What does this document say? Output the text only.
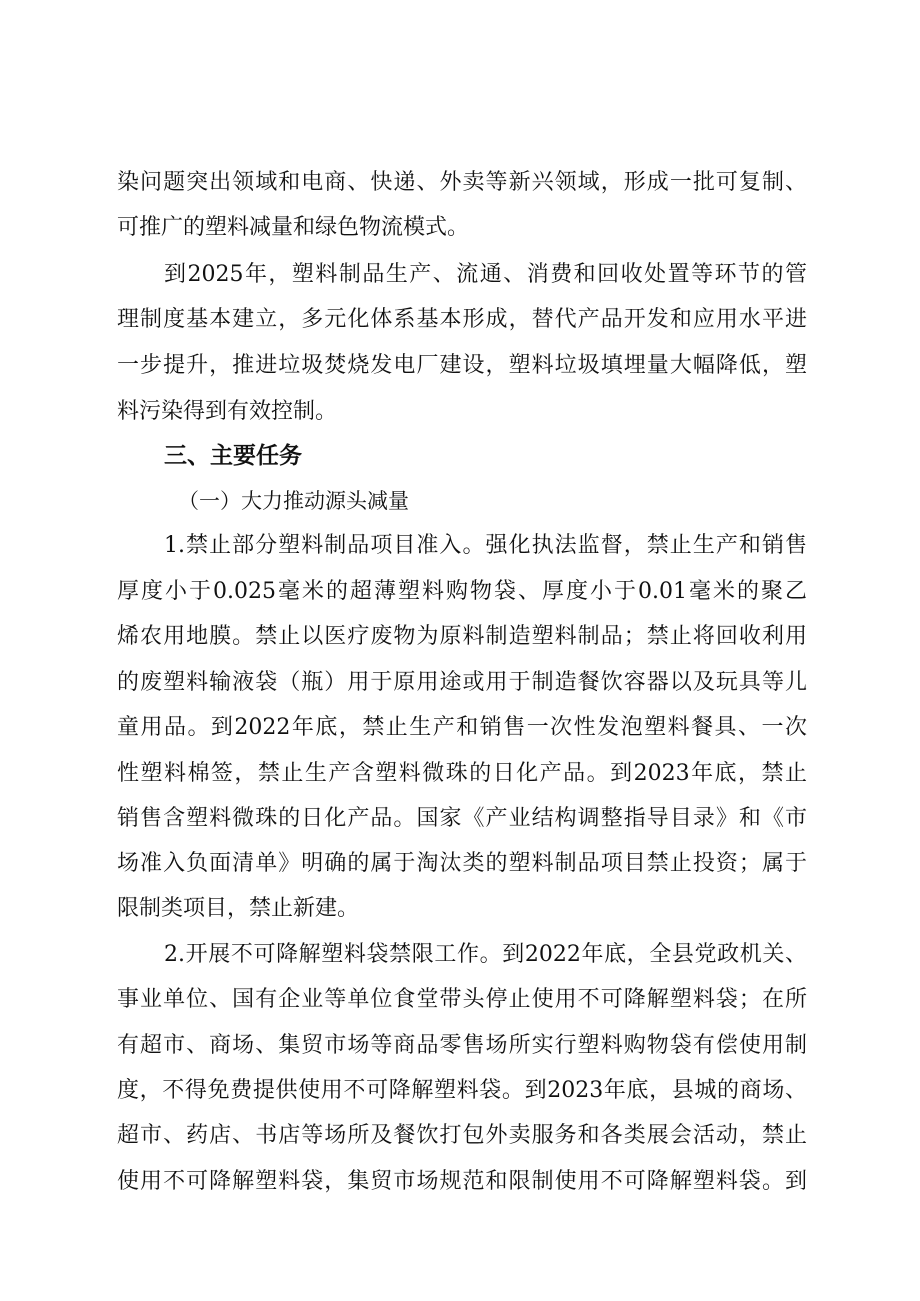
染问题突出领域和电商、快递、外卖等新兴领域，形成一批可复制、
可推广的塑料减量和绿色物流模式。
到2025年，塑料制品生产、流通、消费和回收处置等环节的管
理制度基本建立，多元化体系基本形成，替代产品开发和应用水平进
一步提升，推进垃圾焚烧发电厂建设，塑料垃圾填埋量大幅降低，塑
料污染得到有效控制。
三、主要任务
（一）大力推动源头减量
1.禁止部分塑料制品项目准入。强化执法监督，禁止生产和销售
厚度小于0.025毫米的超薄塑料购物袋、厚度小于0.01毫米的聚乙
烯农用地膜。禁止以医疗废物为原料制造塑料制品；禁止将回收利用
的废塑料输液袋（瓶）用于原用途或用于制造餐饮容器以及玩具等儿
童用品。到2022年底，禁止生产和销售一次性发泡塑料餐具、一次
性塑料棉签，禁止生产含塑料微珠的日化产品。到2023年底，禁止
销售含塑料微珠的日化产品。国家《产业结构调整指导目录》和《市
场准入负面清单》明确的属于淘汰类的塑料制品项目禁止投资；属于
限制类项目，禁止新建。
2.开展不可降解塑料袋禁限工作。到2022年底，全县党政机关、
事业单位、国有企业等单位食堂带头停止使用不可降解塑料袋；在所
有超市、商场、集贸市场等商品零售场所实行塑料购物袋有偿使用制
度，不得免费提供使用不可降解塑料袋。到2023年底，县城的商场、
超市、药店、书店等场所及餐饮打包外卖服务和各类展会活动，禁止
使用不可降解塑料袋，集贸市场规范和限制使用不可降解塑料袋。到
